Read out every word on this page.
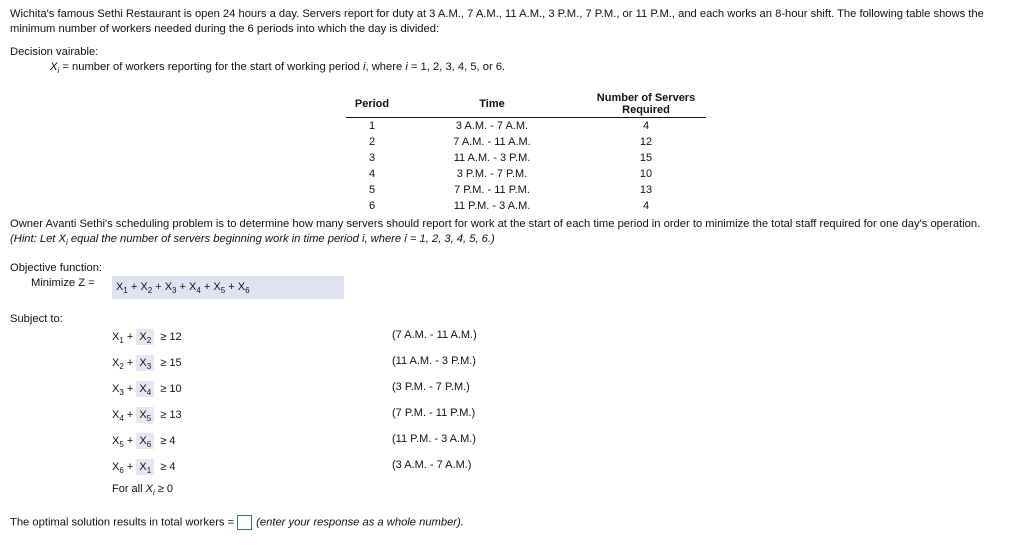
Wichita's famous Sethi Restaurant is open 24 hours a day. Servers report for duty at 3 A.M., 7 A.M., 11 A.M., 3 P.M., 7 P.M., or 11 P.M., and each works an 8-hour shift. The following table shows the
minimum number of workers needed during the 6 periods into which the day is divided:
Decision vairable:
$X_i$ = number of workers reporting for the start of working period i, where i = 1, 2, 3, 4, 5, or 6.
Period	Time	Number of Servers Required
1	3 A.M. - 7 A.M.	4
2	7 A.M. - 11 A.M.	12
3	11 A.M. - 3 P.M.	15
4	3 P.M. - 7 P.M.	10
5	7 P.M. - 11 P.M.	13
6	11 P.M. - 3 A.M.	4
Owner Avanti Sethi's scheduling problem is to determine how many servers should report for work at the start of each time period in order to minimize the total staff required for one day's operation.
(Hint: Let $X_i$ equal the number of servers beginning work in time period i, where i = 1, 2, 3, 4, 5, 6.)
Objective function:
Minimize Z =	$X_1 + X_2 + X_3 + X_4 + X_5 + X_6$
Subject to:
$X_1 + X_2 \ge 12$	(7 A.M. - 11 A.M.)
$X_2 + X_3 \ge 15$	(11 A.M. - 3 P.M.)
$X_3 + X_4 \ge 10$	(3 P.M. - 7 P.M.)
$X_4 + X_5 \ge 13$	(7 P.M. - 11 P.M.)
$X_5 + X_6 \ge 4$	(11 P.M. - 3 A.M.)
$X_6 + X_1 \ge 4$	(3 A.M. - 7 A.M.)
For all $X_i \ge 0$
The optimal solution results in total workers = (enter your response as a whole number).
